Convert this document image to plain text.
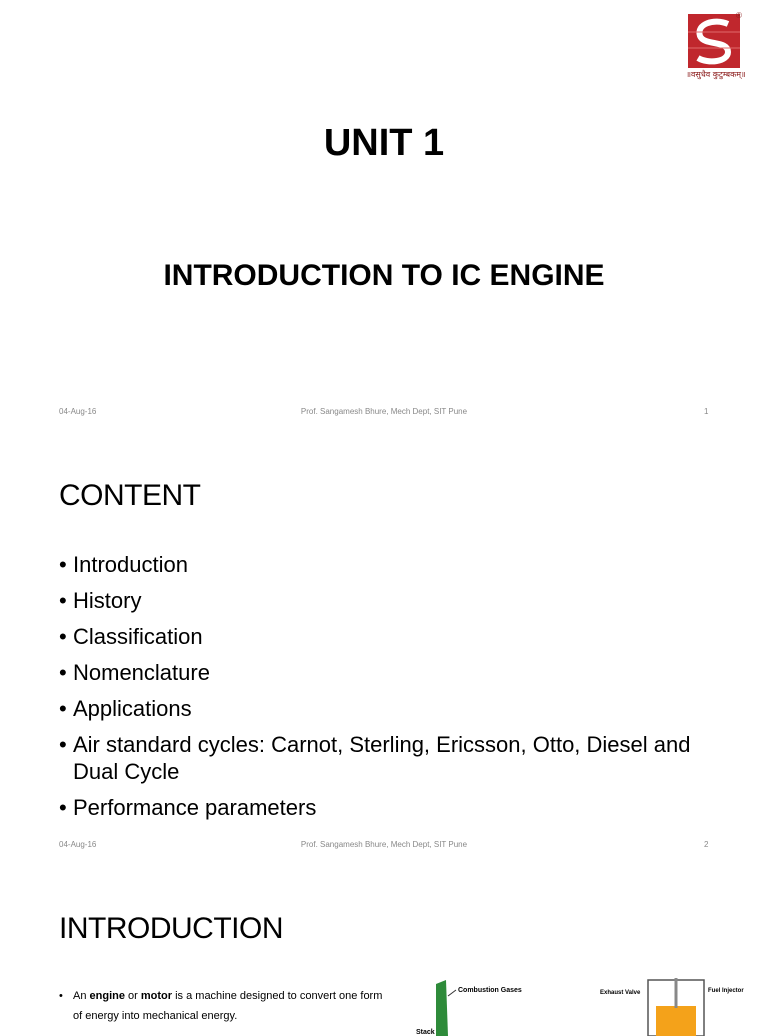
®
॥वसुधैव कुटुम्बकम्॥
UNIT 1
INTRODUCTION TO IC ENGINE
04-Aug-16	Prof. Sangamesh Bhure, Mech Dept, SIT Pune	1
CONTENT
• Introduction
• History
• Classification
• Nomenclature
• Applications
• Air standard cycles: Carnot, Sterling, Ericsson, Otto, Diesel and Dual Cycle
• Performance parameters
04-Aug-16	Prof. Sangamesh Bhure, Mech Dept, SIT Pune	2
INTRODUCTION
• An engine or motor is a machine designed to convert one form of energy into mechanical energy.
Combustion Gases
Stack
Exhaust Valve	Fuel Injector
